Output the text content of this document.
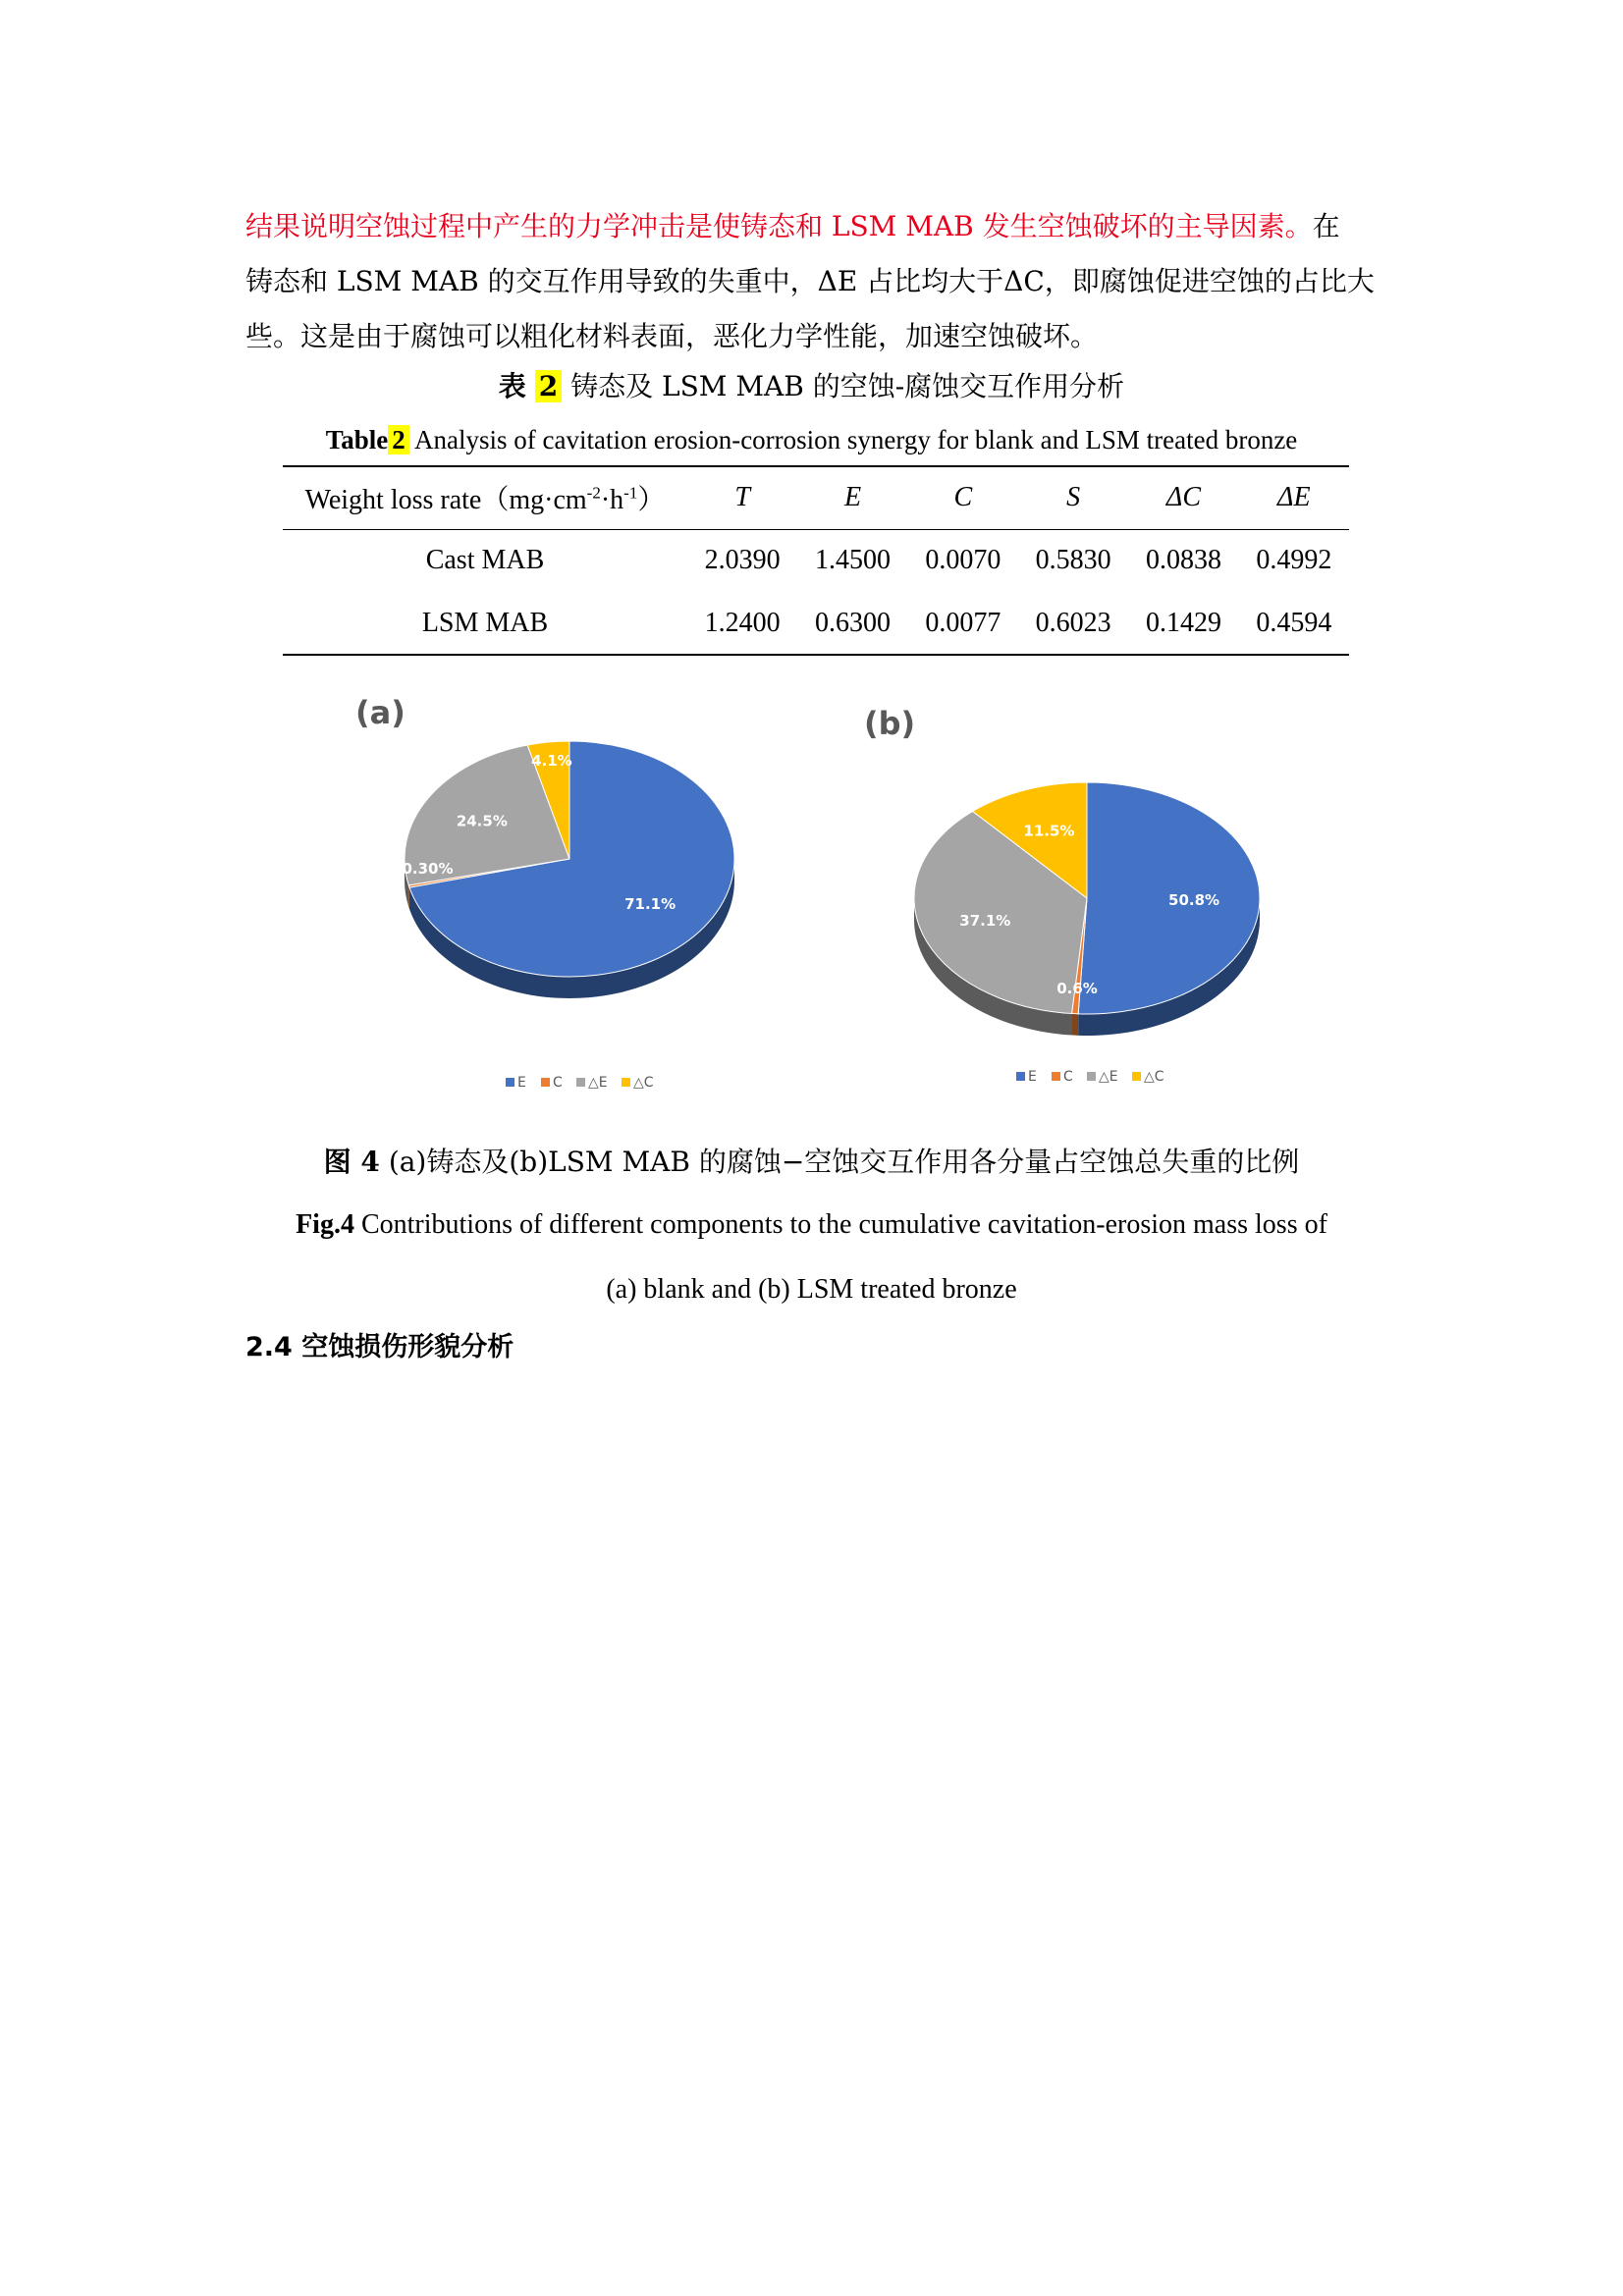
结果说明空蚀过程中产生的力学冲击是使铸态和 LSM MAB 发生空蚀破坏的主导因素。在

铸态和 LSM MAB 的交互作用导致的失重中，ΔE 占比均大于ΔC，即腐蚀促进空蚀的占比大

些。这是由于腐蚀可以粗化材料表面，恶化力学性能，加速空蚀破坏。

表 2 铸态及 LSM MAB 的空蚀-腐蚀交互作用分析
Table 2 Analysis of cavitation erosion-corrosion synergy for blank and LSM treated bronze
Weight loss $rate(mg\cdot cm^{-2}\cdot h^{-1})$	T	E	C	S	ΔC	ΔE
Cast MAB	2.0390	1.4500	0.0070	0.5830	0.0838	0.4992
LSM MAB	1.2400	0.6300	0.0077	0.6023	0.1429	0.4594
71.1%
0.30%
24.5%
4.1%
(a)
E C △E △C
50.8%
0.6%
37.1%
11.5%
(b)
E C △E △C
图 4 (a)铸态及(b)LSM MAB 的腐蚀−空蚀交互作用各分量占空蚀总失重的比例
Fig.4 Contributions of different components to the cumulative cavitation-erosion mass loss of
(a) blank and (b) LSM treated bronze
2.4 空蚀损伤形貌分析
